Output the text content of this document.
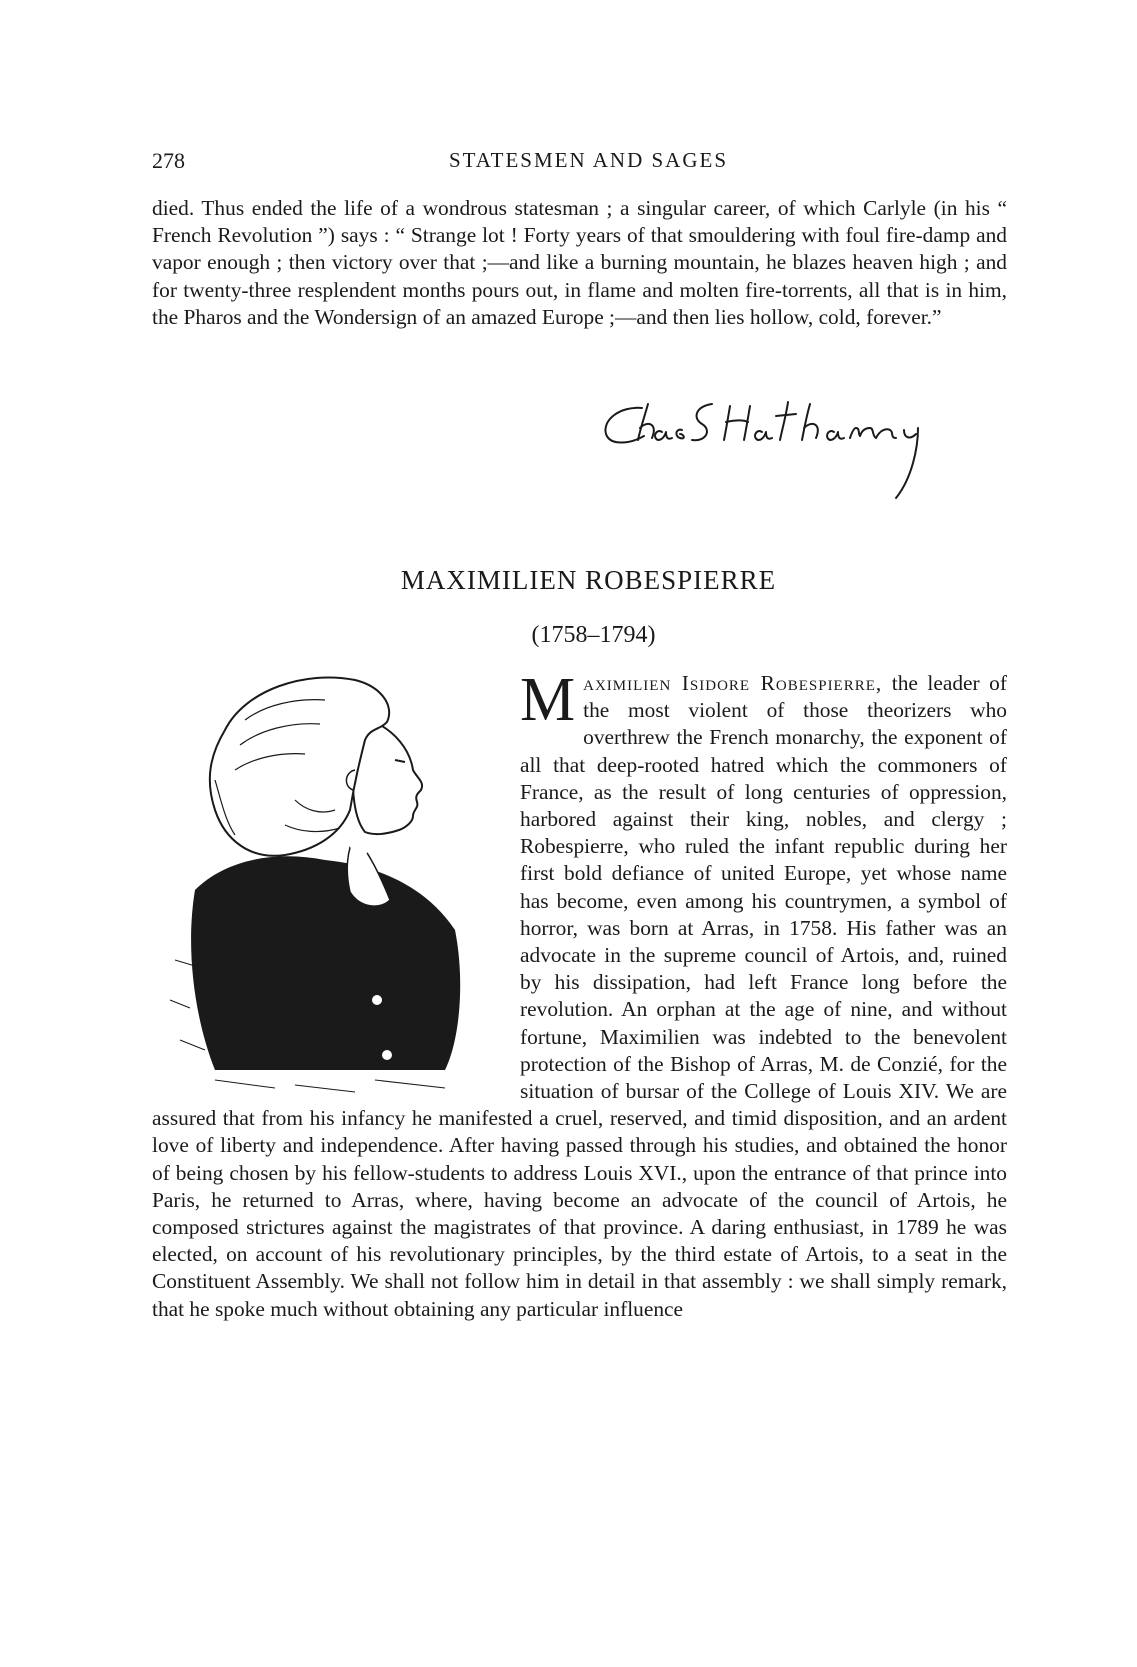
278	STATESMEN AND SAGES

died. Thus ended the life of a wondrous statesman ; a singular career, of which Carlyle (in his “ French Revolution ”) says : “ Strange lot ! Forty years of that smouldering with foul fire-damp and vapor enough ; then victory over that ;—and like a burning mountain, he blazes heaven high ; and for twenty-three resplendent months pours out, in flame and molten fire-torrents, all that is in him, the Pharos and the Wondersign of an amazed Europe ;—and then lies hollow, cold, forever.”

MAXIMILIEN ROBESPIERRE
(1758–1794)
Maximilien Isidore Robespierre, the leader of the most violent of those theorizers who overthrew the French monarchy, the exponent of all that deep-rooted hatred which the commoners of France, as the result of long centuries of oppression, harbored against their king, nobles, and clergy ; Robespierre, who ruled the infant republic during her first bold defiance of united Europe, yet whose name has become, even among his countrymen, a symbol of horror, was born at Arras, in 1758. His father was an advocate in the supreme council of Artois, and, ruined by his dissipation, had left France long before the revolution. An orphan at the age of nine, and without fortune, Maximilien was indebted to the benevolent protection of the Bishop of Arras, M. de Conzié, for the situation of bursar of the College of Louis XIV. We are assured that from his infancy he manifested a cruel, reserved, and timid disposition, and an ardent love of liberty and independence. After having passed through his studies, and obtained the honor of being chosen by his fellow-students to address Louis XVI., upon the entrance of that prince into Paris, he returned to Arras, where, having become an advocate of the council of Artois, he composed strictures against the magistrates of that province. A daring enthusiast, in 1789 he was elected, on account of his revolutionary principles, by the third estate of Artois, to a seat in the Constituent Assembly. We shall not follow him in detail in that assembly : we shall simply remark, that he spoke much without obtaining any particular influence
